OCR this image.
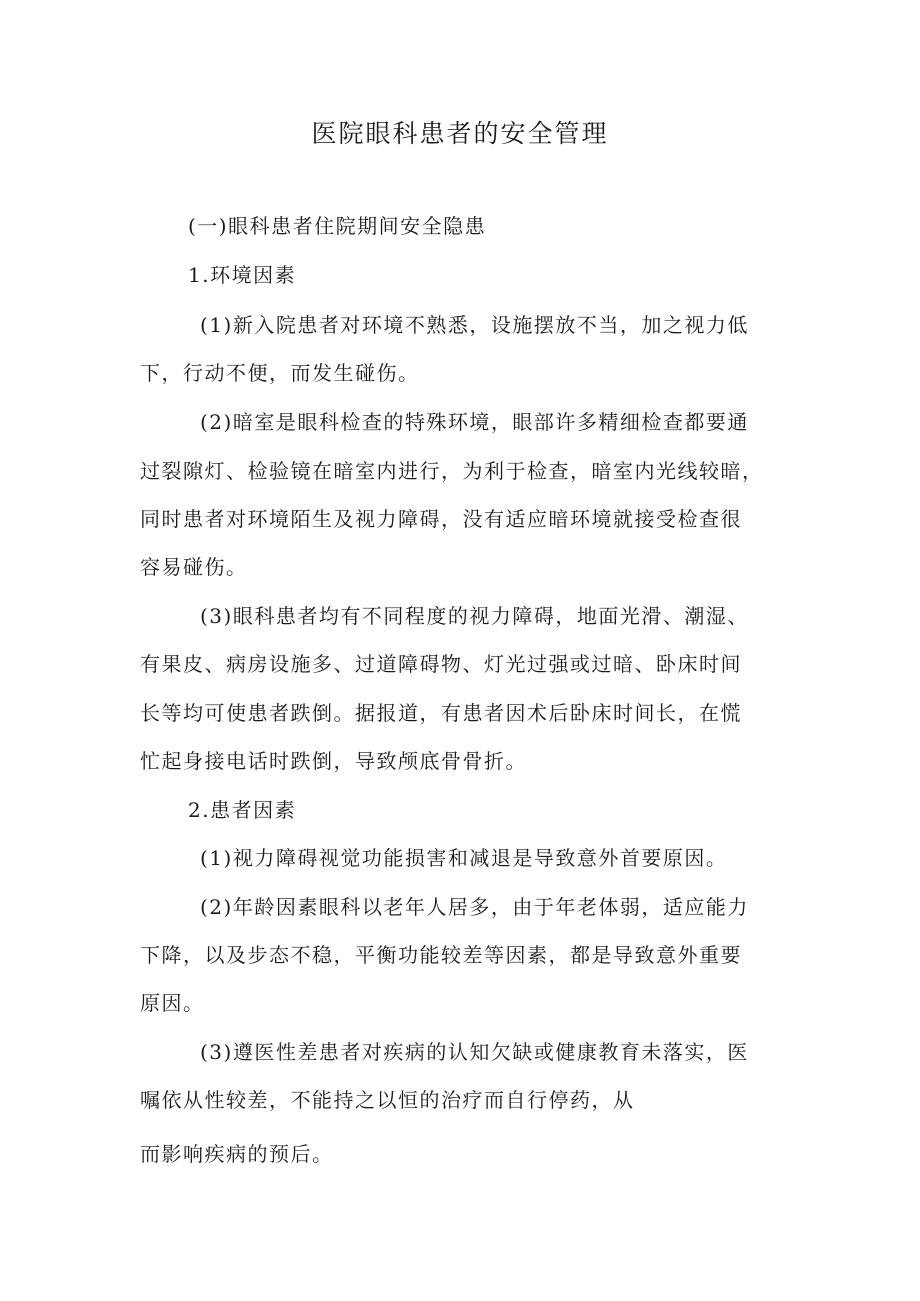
医院眼科患者的安全管理
(一)眼科患者住院期间安全隐患
1.环境因素
(1)新入院患者对环境不熟悉，设施摆放不当，加之视力低
下，行动不便，而发生碰伤。
(2)暗室是眼科检查的特殊环境，眼部许多精细检查都要通
过裂隙灯、检验镜在暗室内进行，为利于检查，暗室内光线较暗，
同时患者对环境陌生及视力障碍，没有适应暗环境就接受检查很
容易碰伤。
(3)眼科患者均有不同程度的视力障碍，地面光滑、潮湿、
有果皮、病房设施多、过道障碍物、灯光过强或过暗、卧床时间
长等均可使患者跌倒。据报道，有患者因术后卧床时间长，在慌
忙起身接电话时跌倒，导致颅底骨骨折。
2.患者因素
(1)视力障碍视觉功能损害和减退是导致意外首要原因。
(2)年龄因素眼科以老年人居多，由于年老体弱，适应能力
下降，以及步态不稳，平衡功能较差等因素，都是导致意外重要
原因。
(3)遵医性差患者对疾病的认知欠缺或健康教育未落实，医
嘱依从性较差，不能持之以恒的治疗而自行停药，从
而影响疾病的预后。
